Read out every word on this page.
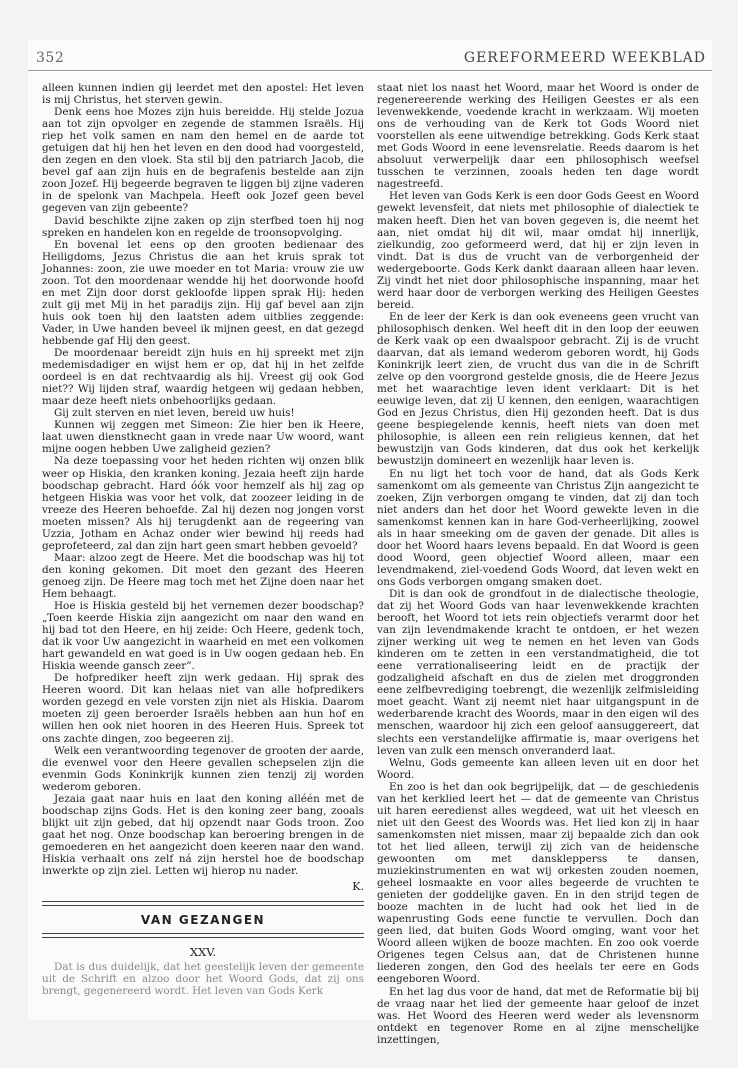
352	GEREFORMEERD WEEKBLAD

alleen kunnen indien gij leerdet met den apostel: Het leven is mij Christus, het sterven gewin.

Denk eens hoe Mozes zijn huis bereidde. Hij stelde Jozua aan tot zijn opvolger en zegende de stammen Israëls. Hij riep het volk samen en nam den hemel en de aarde tot getuigen dat hij hen het leven en den dood had voorgesteld, den zegen en den vloek. Sta stil bij den patriarch Jacob, die bevel gaf aan zijn huis en de begrafenis bestelde aan zijn zoon Jozef. Hij begeerde begraven te liggen bij zijne vaderen in de spelonk van Machpela. Heeft ook Jozef geen bevel gegeven van zijn gebeente?

David beschikte zijne zaken op zijn sterfbed toen hij nog spreken en handelen kon en regelde de troonsopvolging.

En bovenal let eens op den grooten bedienaar des Heiligdoms, Jezus Christus die aan het kruis sprak tot Johannes: zoon, zie uwe moeder en tot Maria: vrouw zie uw zoon. Tot den moordenaar wendde hij het doorwonde hoofd en met Zijn door dorst gekloofde lippen sprak Hij: heden zult gij met Mij in het paradijs zijn. Hij gaf bevel aan zijn huis ook toen hij den laatsten adem uitblies zeggende: Vader, in Uwe handen beveel ik mijnen geest, en dat gezegd hebbende gaf Hij den geest.

De moordenaar bereidt zijn huis en hij spreekt met zijn medemisdadiger en wijst hem er op, dat hij in het zelfde oordeel is en dat rechtvaardig als hij. Vreest gij ook God niet?? Wij lijden straf, waardig hetgeen wij gedaan hebben, maar deze heeft niets onbehoorlijks gedaan.

Gij zult sterven en niet leven, bereid uw huis!

Kunnen wij zeggen met Simeon: Zie hier ben ik Heere, laat uwen dienstknecht gaan in vrede naar Uw woord, want mijne oogen hebben Uwe zaligheid gezien?

Na deze toepassing voor het heden richten wij onzen blik weer op Hiskia, den kranken koning. Jezaia heeft zijn harde boodschap gebracht. Hard óók voor hemzelf als hij zag op hetgeen Hiskia was voor het volk, dat zoozeer leiding in de vreeze des Heeren behoefde. Zal hij dezen nog jongen vorst moeten missen? Als hij terugdenkt aan de regeering van Uzzia, Jotham en Achaz onder wier bewind hij reeds had geprofeteerd, zal dan zijn hart geen smart hebben gevoeld?

Maar: alzoo zegt de Heere. Met die boodschap was hij tot den koning gekomen. Dit moet den gezant des Heeren genoeg zijn. De Heere mag toch met het Zijne doen naar het Hem behaagt.

Hoe is Hiskia gesteld bij het vernemen dezer boodschap? „Toen keerde Hiskia zijn aangezicht om naar den wand en hij bad tot den Heere, en hij zeide: Och Heere, gedenk toch, dat ik voor Uw aangezicht in waarheid en met een volkomen hart gewandeld en wat goed is in Uw oogen gedaan heb. En Hiskia weende gansch zeer”.

De hofprediker heeft zijn werk gedaan. Hij sprak des Heeren woord. Dit kan helaas niet van alle hofpredikers worden gezegd en vele vorsten zijn niet als Hiskia. Daarom moeten zij geen beroerder Israëls hebben aan hun hof en willen hen ook niet hooren in des Heeren Huis. Spreek tot ons zachte dingen, zoo begeeren zij.

Welk een verantwoording tegenover de grooten der aarde, die evenwel voor den Heere gevallen schepselen zijn die evenmin Gods Koninkrijk kunnen zien tenzij zij worden wederom geboren.

Jezaia gaat naar huis en laat den koning alléén met de boodschap zijns Gods. Het is den koning zeer bang, zooals blijkt uit zijn gebed, dat hij opzendt naar Gods troon. Zoo gaat het nog. Onze boodschap kan beroering brengen in de gemoederen en het aangezicht doen keeren naar den wand. Hiskia verhaalt ons zelf ná zijn herstel hoe de boodschap inwerkte op zijn ziel. Letten wij hierop nu nader.

K.
VAN GEZANGEN
XXV.

Dat is dus duidelijk, dat het geestelijk leven der gemeente uit de Schrift en alzoo door het Woord Gods, dat zij ons brengt, gegenereerd wordt. Het leven van Gods Kerk

staat niet los naast het Woord, maar het Woord is onder de regenereerende werking des Heiligen Geestes er als een levenwekkende, voedende kracht in werkzaam. Wij moeten ons de verhouding van de Kerk tot Gods Woord niet voorstellen als eene uitwendige betrekking. Gods Kerk staat met Gods Woord in eene levensrelatie. Reeds daarom is het absoluut verwerpelijk daar een philosophisch weefsel tusschen te verzinnen, zooals heden ten dage wordt nagestreefd.

Het leven van Gods Kerk is een door Gods Geest en Woord gewekt levensfeit, dat niets met philosophie of dialectiek te maken heeft. Dien het van boven gegeven is, die neemt het aan, niet omdat hij dit wil, maar omdat hij innerlijk, zielkundig, zoo geformeerd werd, dat hij er zijn leven in vindt. Dat is dus de vrucht van de verborgenheid der wedergeboorte. Gods Kerk dankt daaraan alleen haar leven. Zij vindt het niet door philosophische inspanning, maar het werd haar door de verborgen werking des Heiligen Geestes bereid.

En de leer der Kerk is dan ook eveneens geen vrucht van philosophisch denken. Wel heeft dit in den loop der eeuwen de Kerk vaak op een dwaalspoor gebracht. Zij is de vrucht daarvan, dat als iemand wederom geboren wordt, hij Gods Koninkrijk leert zien, de vrucht dus van die in de Schrift zelve op den voorgrond gestelde gnosis, die de Heere Jezus met het waarachtige leven ident verklaart: Dit is het eeuwige leven, dat zij U kennen, den eenigen, waarachtigen God en Jezus Christus, dien Hij gezonden heeft. Dat is dus geene bespiegelende kennis, heeft niets van doen met philosophie, is alleen een rein religieus kennen, dat het bewustzijn van Gods kinderen, dat dus ook het kerkelijk bewustzijn domineert en wezenlijk haar leven is.

En nu ligt het toch voor de hand, dat als Gods Kerk samenkomt om als gemeente van Christus Zijn aangezicht te zoeken, Zijn verborgen omgang te vinden, dat zij dan toch niet anders dan het door het Woord gewekte leven in die samenkomst kennen kan in hare God-verheerlijking, zoowel als in haar smeeking om de gaven der genade. Dit alles is door het Woord haars levens bepaald. En dat Woord is geen dood Woord, geen objectief Woord alleen, maar een levendmakend, ziel-voedend Gods Woord, dat leven wekt en ons Gods verborgen omgang smaken doet.

Dit is dan ook de grondfout in de dialectische theologie, dat zij het Woord Gods van haar levenwekkende krachten berooft, het Woord tot iets rein objectiefs verarmt door het van zijn levendmakende kracht te ontdoen, er het wezen zijner werking uit weg te nemen en het leven van Gods kinderen om te zetten in een verstandmatigheid, die tot eene verrationaliseering leidt en de practijk der godzaligheid afschaft en dus de zielen met droggronden eene zelfbevrediging toebrengt, die wezenlijk zelfmisleiding moet geacht. Want zij neemt niet haar uitgangspunt in de wederbarende kracht des Woords, maar in den eigen wil des menschen, waardoor hij zich een geloof aansuggereert, dat slechts een verstandelijke affirmatie is, maar overigens het leven van zulk een mensch onveranderd laat.

Welnu, Gods gemeente kan alleen leven uit en door het Woord.

En zoo is het dan ook begrijpelijk, dat — de geschiedenis van het kerklied leert het — dat de gemeente van Christus uit haren eeredienst alles wegdeed, wat uit het vleesch en niet uit den Geest des Woords was. Het lied kon zij in haar samenkomsten niet missen, maar zij bepaalde zich dan ook tot het lied alleen, terwijl zij zich van de heidensche gewoonten om met dansklepperss te dansen, muziekinstrumenten en wat wij orkesten zouden noemen, geheel losmaakte en voor alles begeerde de vruchten te genieten der goddelijke gaven. En in den strijd tegen de booze machten in de lucht had ook het lied in de wapenrusting Gods eene functie te vervullen. Doch dan geen lied, dat buiten Gods Woord omging, want voor het Woord alleen wijken de booze machten. En zoo ook voerde Origenes tegen Celsus aan, dat de Christenen hunne liederen zongen, den God des heelals ter eere en Gods eengeboren Woord.

En het lag dus voor de hand, dat met de Reformatie bij bij de vraag naar het lied der gemeente haar geloof de inzet was. Het Woord des Heeren werd weder als levensnorm ontdekt en tegenover Rome en al zijne menschelijke inzettingen,
